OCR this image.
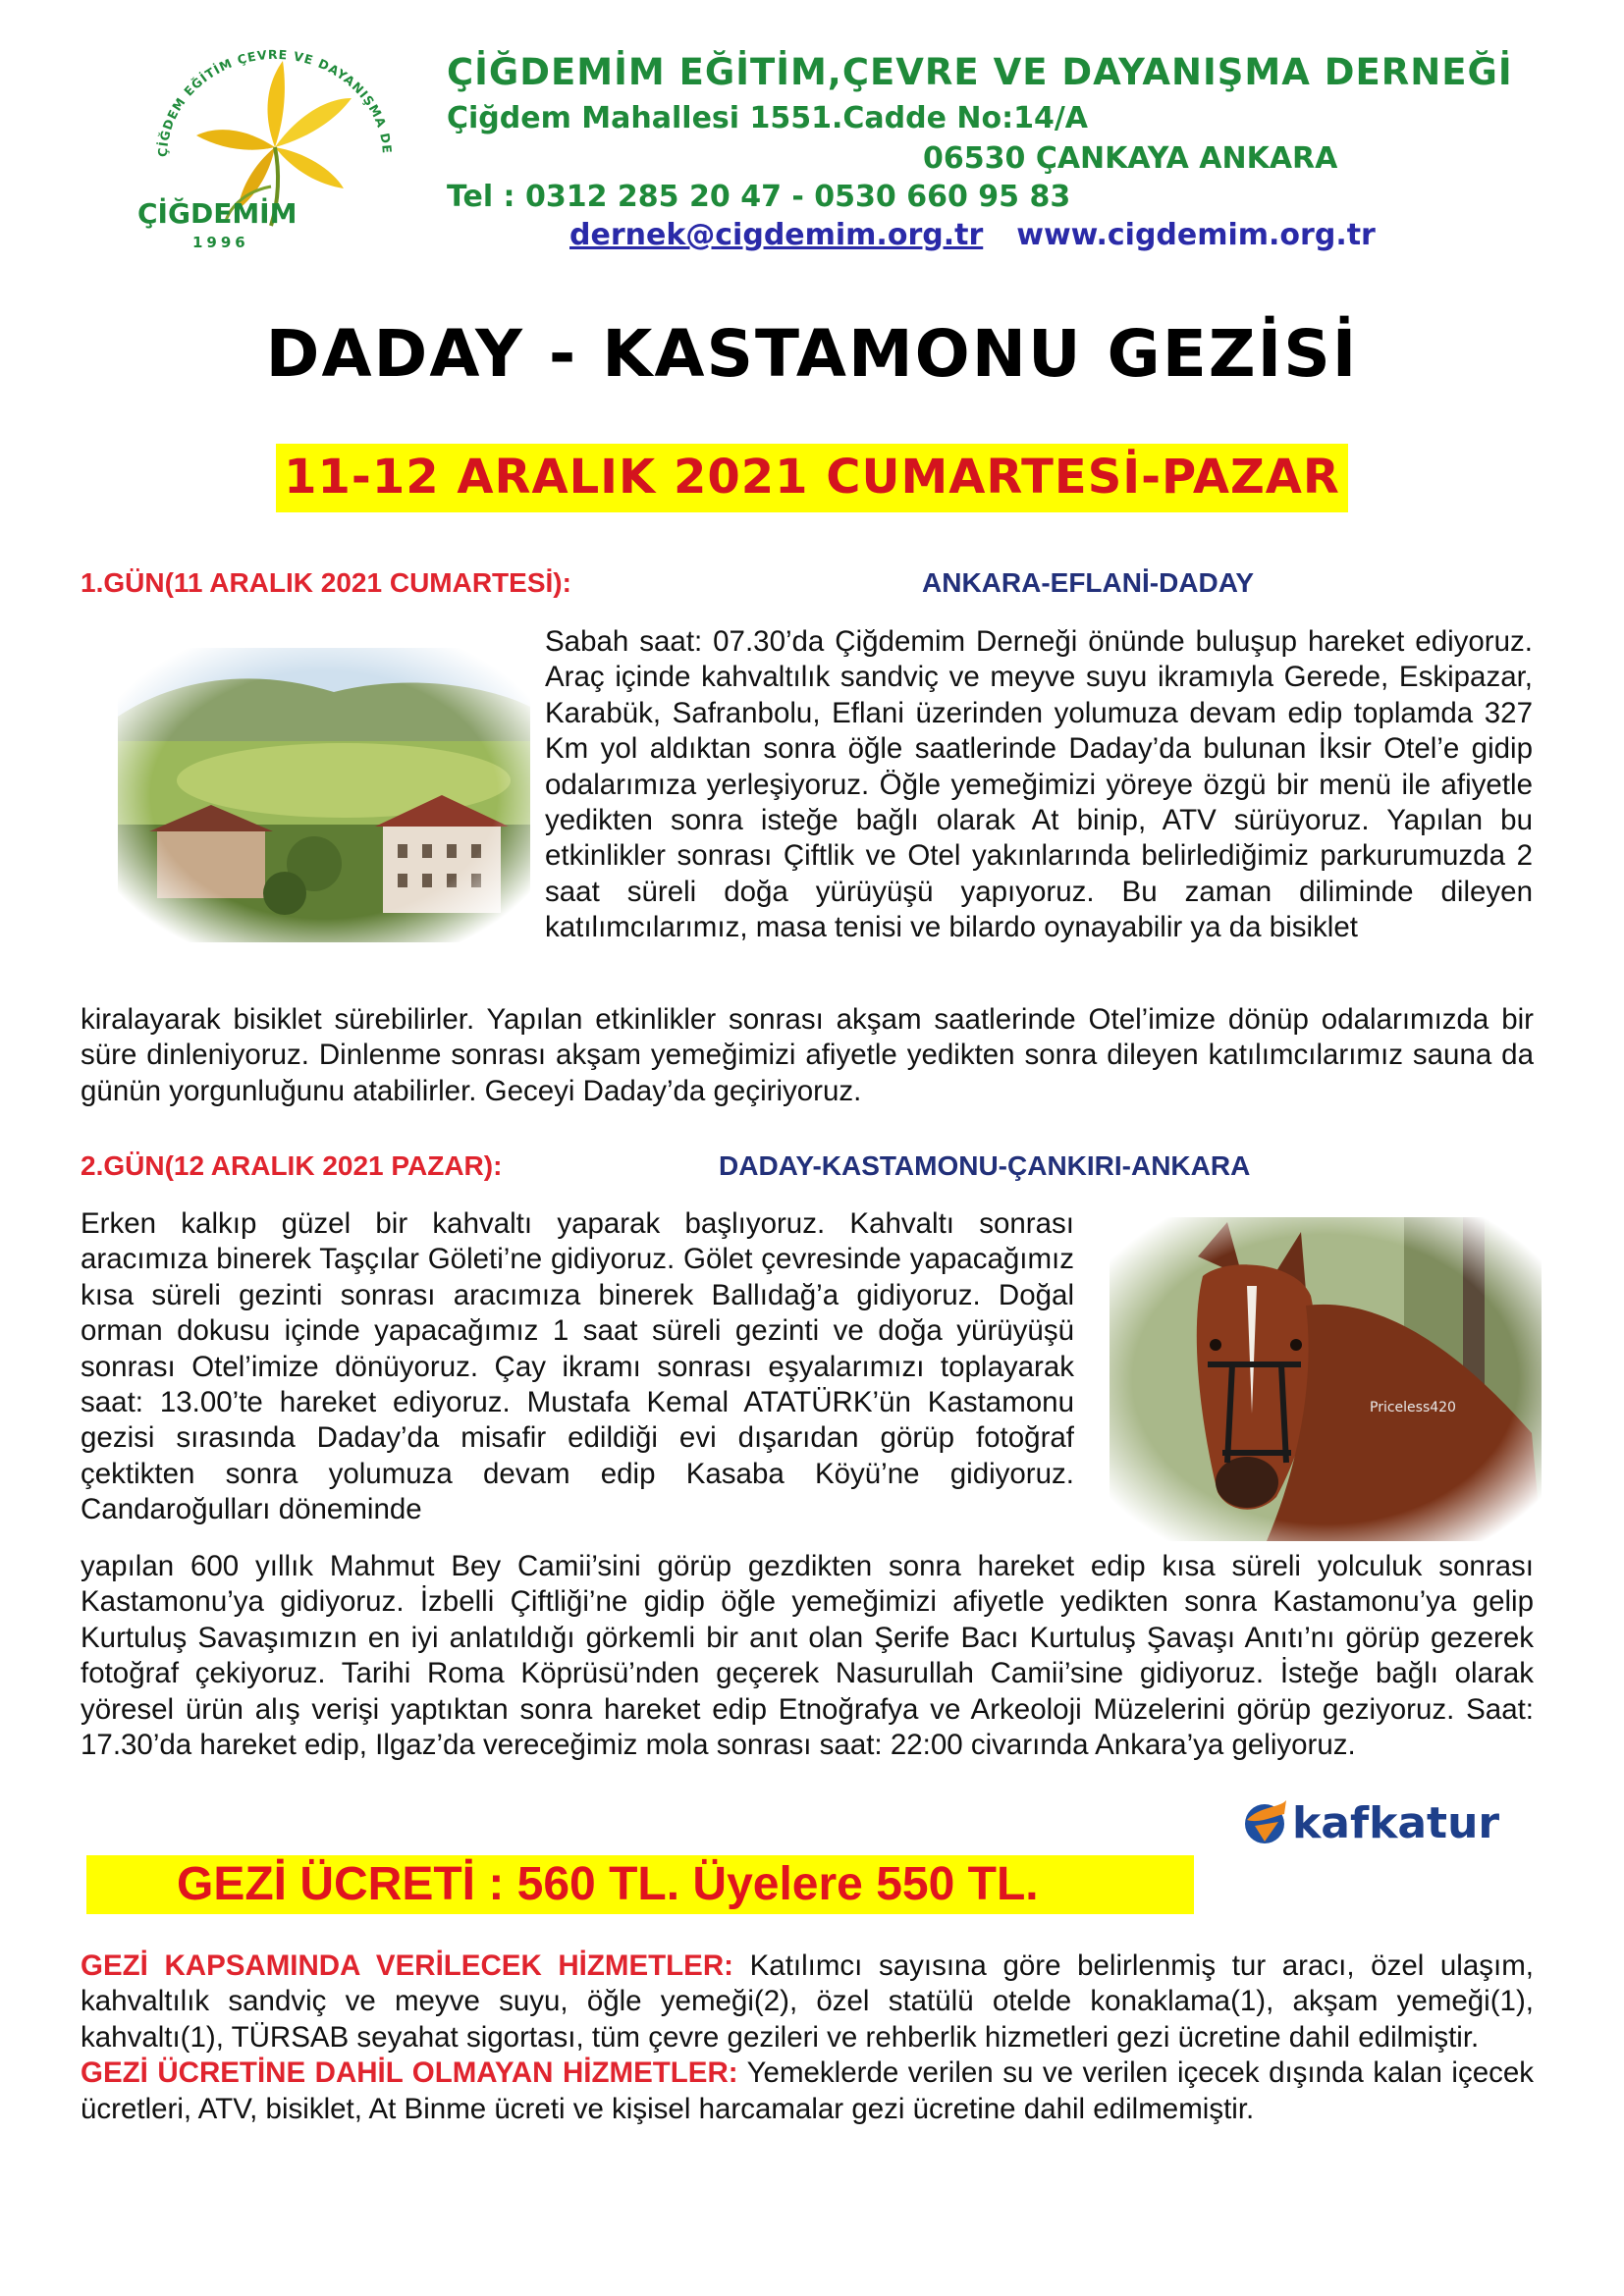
ÇİĞDEM EĞİTİM ÇEVRE VE DAYANIŞMA DE
ÇİĞDEMİM
1996
ÇİĞDEMİM EĞİTİM,ÇEVRE VE DAYANIŞMA DERNEĞİ
Çiğdem Mahallesi 1551.Cadde No:14/A
06530 ÇANKAYA ANKARA
Tel : 0312 285 20 47 - 0530 660 95 83
dernek@cigdemim.org.tr www.cigdemim.org.tr
DADAY - KASTAMONU GEZİSİ
11-12 ARALIK 2021 CUMARTESİ-PAZAR
1.GÜN(11 ARALIK 2021 CUMARTESİ):	ANKARA-EFLANİ-DADAY

Sabah saat: 07.30’da Çiğdemim Derneği önünde buluşup hareket ediyoruz. Araç içinde kahvaltılık sandviç ve meyve suyu ikramıyla Gerede, Eskipazar, Karabük, Safranbolu, Eflani üzerinden yolumuza devam edip toplamda 327 Km yol aldıktan sonra öğle saatlerinde Daday’da bulunan İksir Otel’e gidip odalarımıza yerleşiyoruz. Öğle yemeğimizi yöreye özgü bir menü ile afiyetle yedikten sonra isteğe bağlı olarak At binip, ATV sürüyoruz. Yapılan bu etkinlikler sonrası Çiftlik ve Otel yakınlarında belirlediğimiz parkurumuzda 2 saat süreli doğa yürüyüşü yapıyoruz. Bu zaman diliminde dileyen katılımcılarımız, masa tenisi ve bilardo oynayabilir ya da bisiklet

kiralayarak bisiklet sürebilirler. Yapılan etkinlikler sonrası akşam saatlerinde Otel’imize dönüp odalarımızda bir süre dinleniyoruz. Dinlenme sonrası akşam yemeğimizi afiyetle yedikten sonra dileyen katılımcılarımız sauna da günün yorgunluğunu atabilirler. Geceyi Daday’da geçiriyoruz.

2.GÜN(12 ARALIK 2021 PAZAR):	DADAY-KASTAMONU-ÇANKIRI-ANKARA

Erken kalkıp güzel bir kahvaltı yaparak başlıyoruz. Kahvaltı sonrası aracımıza binerek Taşçılar Göleti’ne gidiyoruz. Gölet çevresinde yapacağımız kısa süreli gezinti sonrası aracımıza binerek Ballıdağ’a gidiyoruz. Doğal orman dokusu içinde yapacağımız 1 saat süreli gezinti ve doğa yürüyüşü sonrası Otel’imize dönüyoruz. Çay ikramı sonrası eşyalarımızı toplayarak saat: 13.00’te hareket ediyoruz. Mustafa Kemal ATATÜRK’ün Kastamonu gezisi sırasında Daday’da misafir edildiği evi dışarıdan görüp fotoğraf çektikten sonra yolumuza devam edip Kasaba Köyü’ne gidiyoruz. Candaroğulları döneminde

yapılan 600 yıllık Mahmut Bey Camii’sini görüp gezdikten sonra hareket edip kısa süreli yolculuk sonrası Kastamonu’ya gidiyoruz. İzbelli Çiftliği’ne gidip öğle yemeğimizi afiyetle yedikten sonra Kastamonu’ya gelip Kurtuluş Savaşımızın en iyi anlatıldığı görkemli bir anıt olan Şerife Bacı Kurtuluş Şavaşı Anıtı’nı görüp gezerek fotoğraf çekiyoruz. Tarihi Roma Köprüsü’nden geçerek Nasurullah Camii’sine gidiyoruz. İsteğe bağlı olarak yöresel ürün alış verişi yaptıktan sonra hareket edip Etnoğrafya ve Arkeoloji Müzelerini görüp geziyoruz. Saat: 17.30’da hareket edip, Ilgaz’da vereceğimiz mola sonrası saat: 22:00 civarında Ankara’ya geliyoruz.

kafkatur
GEZİ ÜCRETİ : 560 TL. Üyelere 550 TL.

GEZİ KAPSAMINDA VERİLECEK HİZMETLER: Katılımcı sayısına göre belirlenmiş tur aracı, özel ulaşım, kahvaltılık sandviç ve meyve suyu, öğle yemeği(2), özel statülü otelde konaklama(1), akşam yemeği(1), kahvaltı(1), TÜRSAB seyahat sigortası, tüm çevre gezileri ve rehberlik hizmetleri gezi ücretine dahil edilmiştir.

GEZİ ÜCRETİNE DAHİL OLMAYAN HİZMETLER: Yemeklerde verilen su ve verilen içecek dışında kalan içecek ücretleri, ATV, bisiklet, At Binme ücreti ve kişisel harcamalar gezi ücretine dahil edilmemiştir.
